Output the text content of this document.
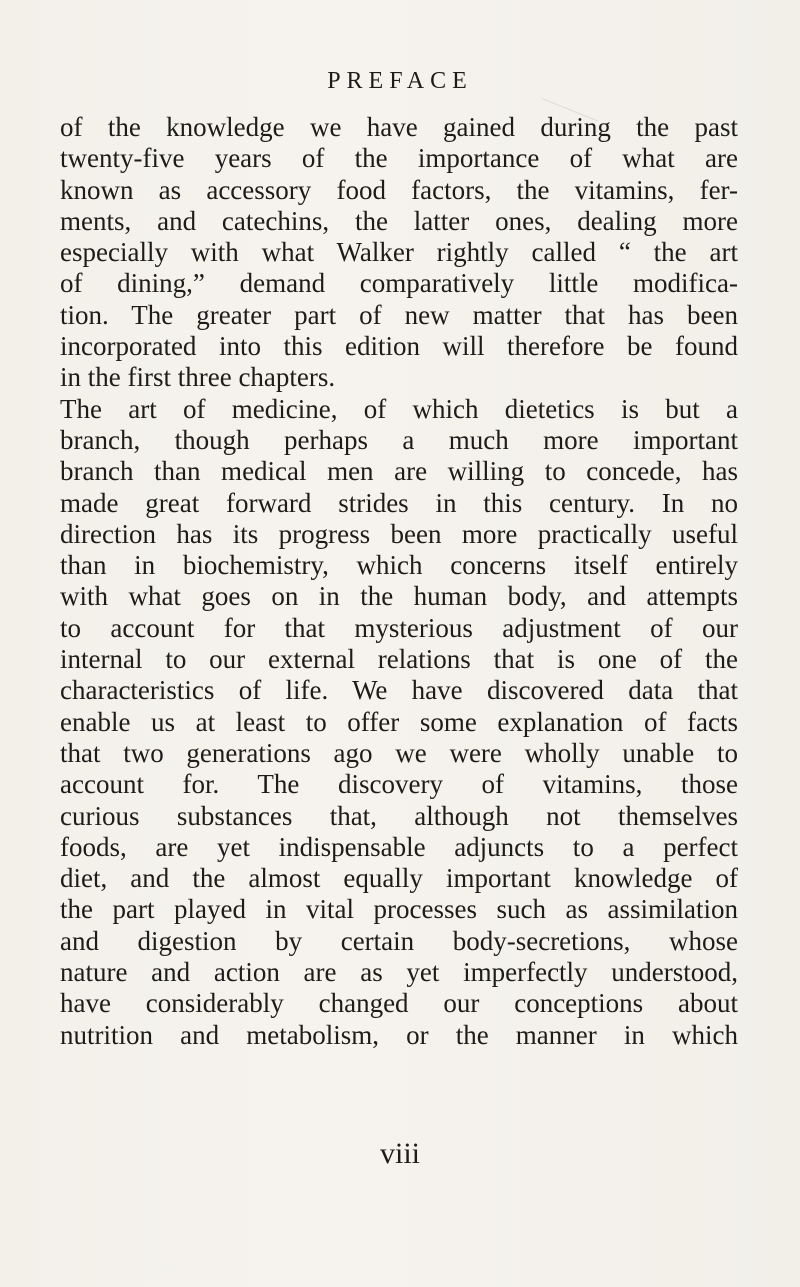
PREFACE
of the knowledge we have gained during the past
twenty-five years of the importance of what are
known as accessory food factors, the vitamins, fer-
ments, and catechins, the latter ones, dealing more
especially with what Walker rightly called “ the art
of dining,” demand comparatively little modifica-
tion. The greater part of new matter that has been
incorporated into this edition will therefore be found
in the first three chapters.
The art of medicine, of which dietetics is but a
branch, though perhaps a much more important
branch than medical men are willing to concede, has
made great forward strides in this century. In no
direction has its progress been more practically useful
than in biochemistry, which concerns itself entirely
with what goes on in the human body, and attempts
to account for that mysterious adjustment of our
internal to our external relations that is one of the
characteristics of life. We have discovered data that
enable us at least to offer some explanation of facts
that two generations ago we were wholly unable to
account for. The discovery of vitamins, those
curious substances that, although not themselves
foods, are yet indispensable adjuncts to a perfect
diet, and the almost equally important knowledge of
the part played in vital processes such as assimilation
and digestion by certain body-secretions, whose
nature and action are as yet imperfectly understood,
have considerably changed our conceptions about
nutrition and metabolism, or the manner in which
viii
